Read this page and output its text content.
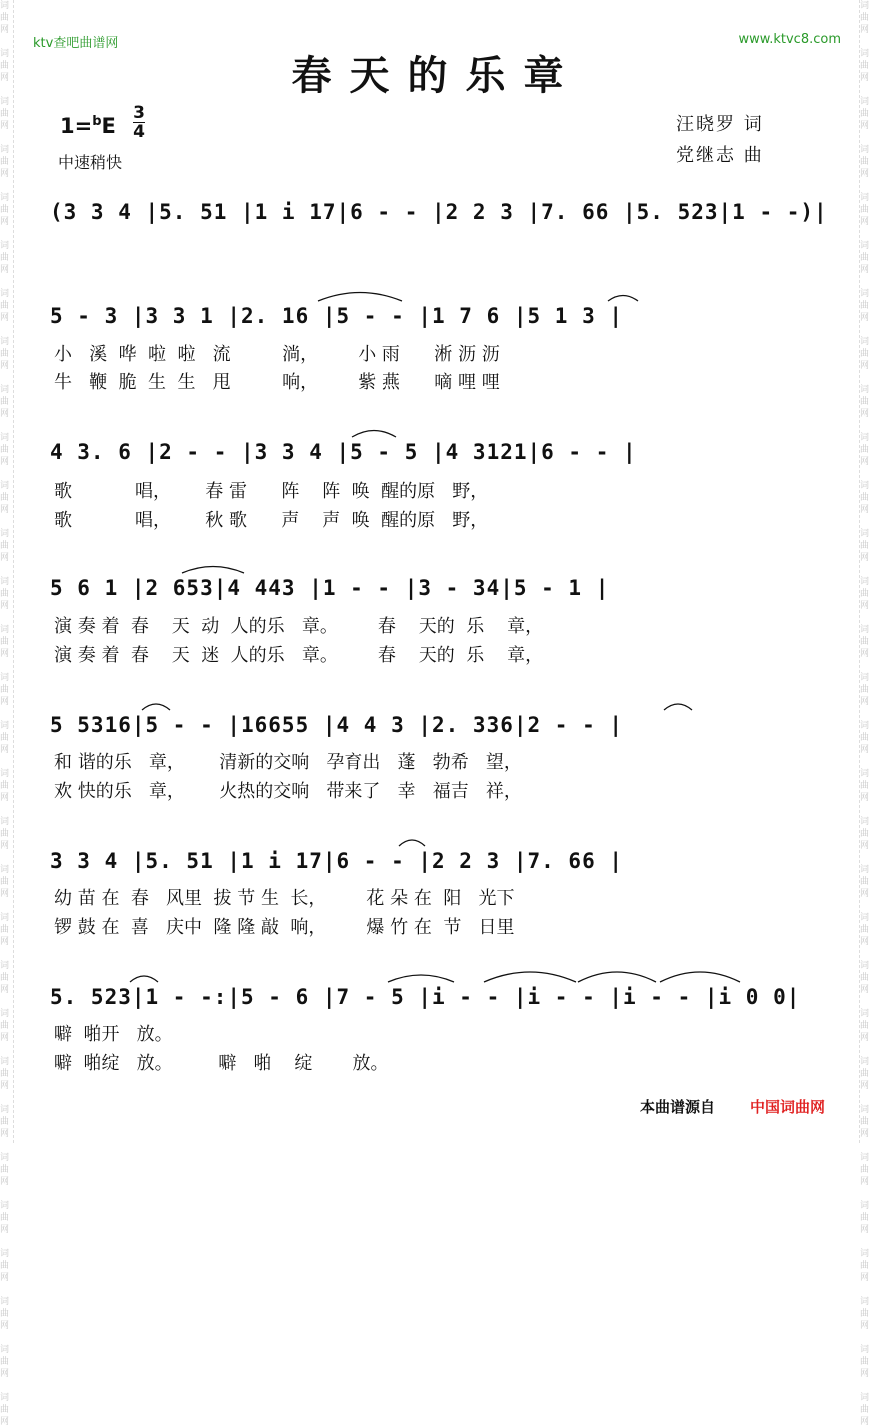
词
曲
网

词
曲
网

词
曲
网

词
曲
网

词
曲
网

词
曲
网

词
曲
网

词
曲
网

词
曲
网

词
曲
网

词
曲
网

词
曲
网

词
曲
网

词
曲
网

词
曲
网

词
曲
网

词
曲
网

词
曲
网

词
曲
网

词
曲
网

词
曲
网

词
曲
网

词
曲
网

词
曲
网

词
曲
网

词
曲
网

词
曲
网

词
曲
网

词
曲
网

词
曲
网

词
曲
网

词
曲
网

词
曲
网

词
曲
网

词
曲
网

词
曲
网

词
曲
网

词
曲
网

词
曲
网

词
曲
网

词
曲
网

词
曲
网

词
曲
网

词
曲
网

词
曲
网

词
曲
网

词
曲
网

词
曲
网

词
曲
网

词
曲
网

词
曲
网

词
曲
网

词
曲
网

词
曲
网

词
曲
网

词
曲
网

词
曲
网

词
曲
网

词
曲
网

词
曲
网

ktv查吧曲谱网	www.ktvc8.com
春天的乐章
1=$^b$E
3
4
中速稍快
汪晓罗 词
党继志 曲
(3 3 4 |5. 51 |1 i 17|6 - - |2 2 3 |7. 66 |5. 523|1 - -)|
5 - 3 |3 3 1 |2. 16 |5 - - |1 7 6 |5 1 3 |
小   溪  哗  啦  啦   流         淌，       小 雨      淅 沥 沥
牛   鞭  脆  生  生   甩         响，       紫 燕      嘀 哩 哩
4 3. 6 |2 - - |3 3 4 |5 - 5 |4 3121|6 - - |
歌           唱，      春 雷      阵    阵  唤  醒的原   野，
歌           唱，      秋 歌      声    声  唤  醒的原   野，
5 6 1 |2 653|4 443 |1 - - |3 - 34|5 - 1 |
演 奏 着  春    天  动  人的乐   章。       春    天的  乐    章，
演 奏 着  春    天  迷  人的乐   章。       春    天的  乐    章，
5 5316|5 - - |16655 |4 4 3 |2. 336|2 - - |
和 谐的乐   章，      清新的交响   孕育出   蓬   勃希   望，
欢 快的乐   章，      火热的交响   带来了   幸   福吉   祥，
3 3 4 |5. 51 |1 i 17|6 - - |2 2 3 |7. 66 |
幼 苗 在  春   风里  拔 节 生  长，       花 朵 在  阳   光下
锣 鼓 在  喜   庆中  隆 隆 敲  响，       爆 竹 在  节   日里
5. 523|1 - -:|5 - 6 |7 - 5 |i - - |i - - |i - - |i 0 0|
噼  啪开   放。
噼  啪绽   放。        噼   啪    绽       放。
本曲谱源自 中国词曲网
